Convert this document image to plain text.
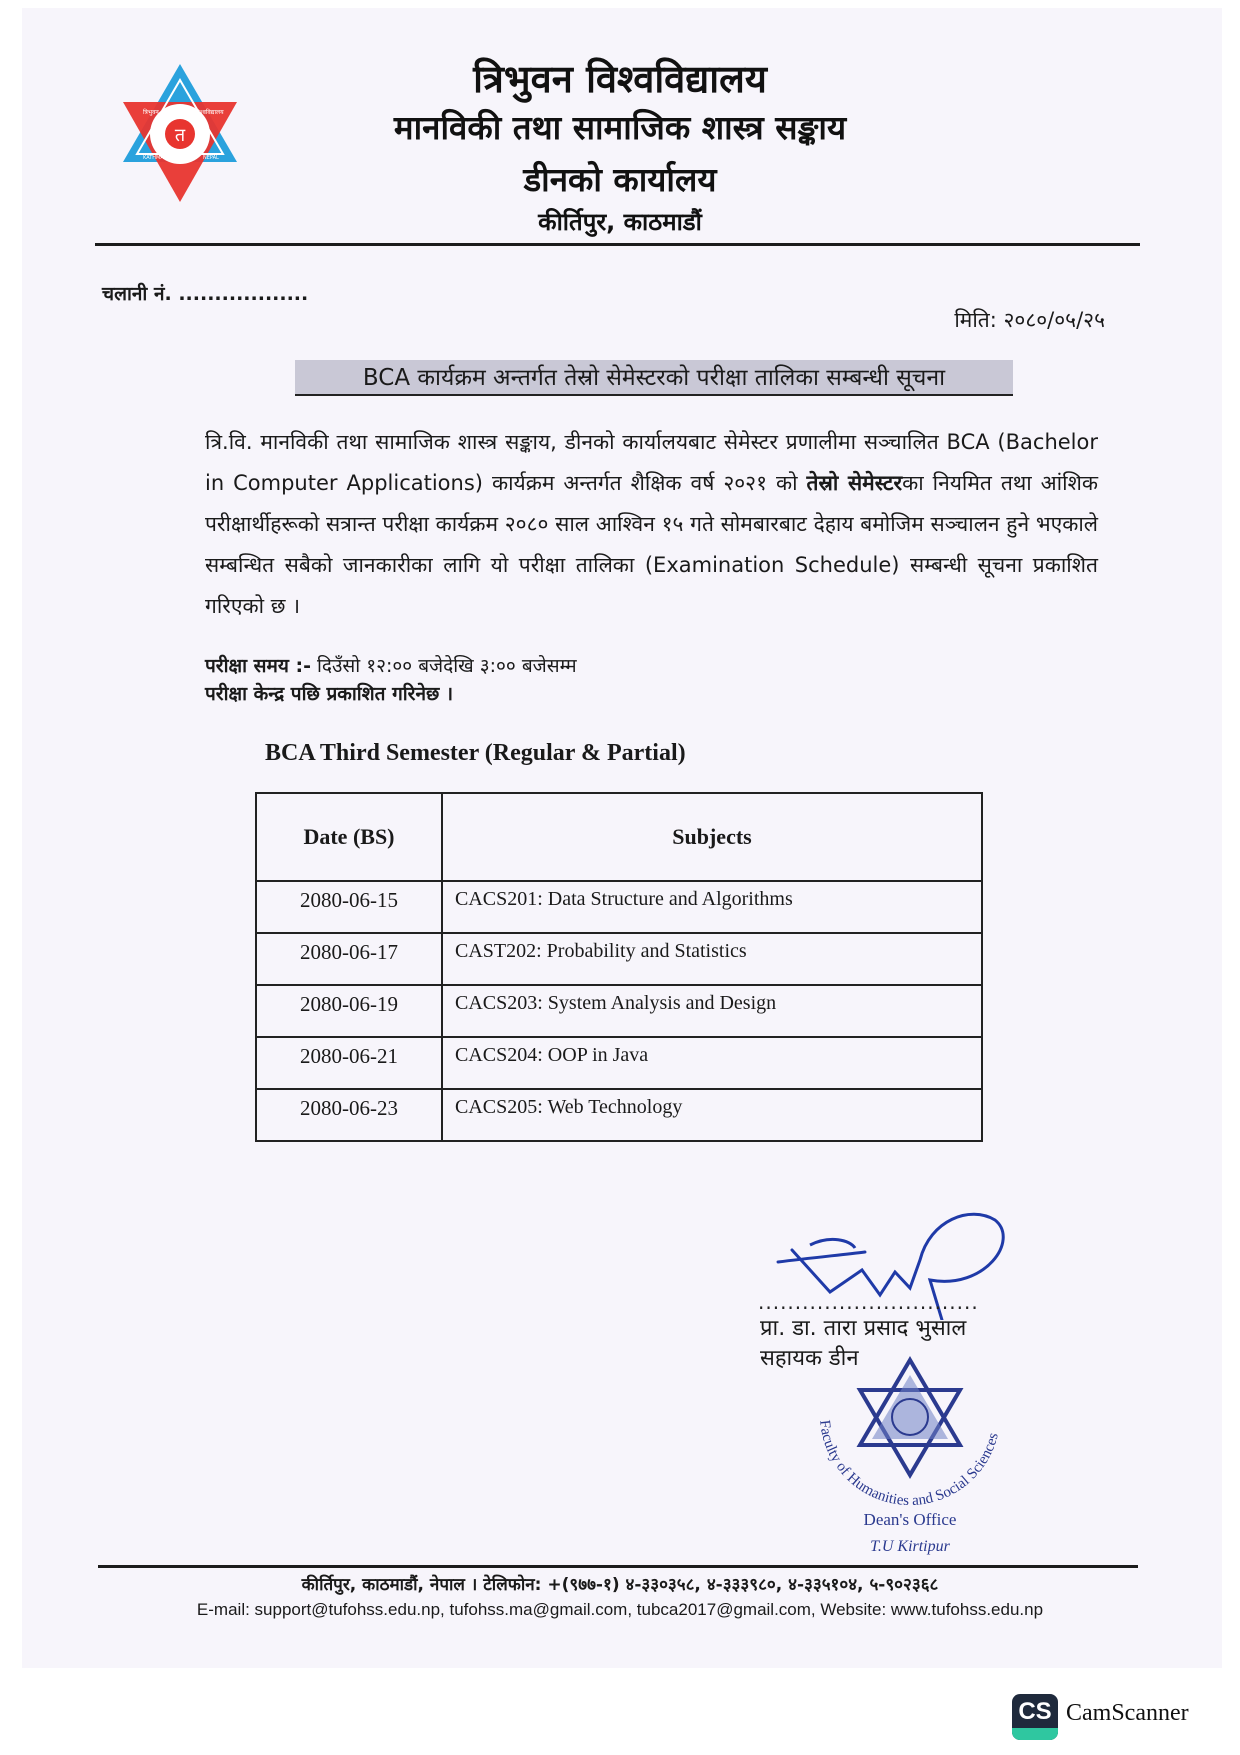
त
त्रिभुवन	विश्वविद्यालय
KATHMANDU	NEPAL
त्रिभुवन विश्वविद्यालय
मानविकी तथा सामाजिक शास्त्र सङ्काय
डीनको कार्यालय
कीर्तिपुर, काठमाडौं
चलानी नं. ..................
मिति: २०८०/०५/२५
BCA कार्यक्रम अन्तर्गत तेस्रो सेमेस्टरको परीक्षा तालिका सम्बन्धी सूचना
त्रि.वि. मानविकी तथा सामाजिक शास्त्र सङ्काय, डीनको कार्यालयबाट सेमेस्टर प्रणालीमा सञ्चालित BCA (Bachelor in Computer Applications) कार्यक्रम अन्तर्गत शैक्षिक वर्ष २०२१ को तेस्रो सेमेस्टरका नियमित तथा आंशिक परीक्षार्थीहरूको सत्रान्त परीक्षा कार्यक्रम २०८० साल आश्विन १५ गते सोमबारबाट देहाय बमोजिम सञ्चालन हुने भएकाले सम्बन्धित सबैको जानकारीका लागि यो परीक्षा तालिका (Examination Schedule) सम्बन्धी सूचना प्रकाशित गरिएको छ ।
परीक्षा समय :- दिउँसो १२:०० बजेदेखि ३:०० बजेसम्म
परीक्षा केन्द्र पछि प्रकाशित गरिनेछ ।
BCA Third Semester (Regular & Partial)
Date (BS)	Subjects
2080-06-15	CACS201: Data Structure and Algorithms
2080-06-17	CAST202: Probability and Statistics
2080-06-19	CACS203: System Analysis and Design
2080-06-21	CACS204: OOP in Java
2080-06-23	CACS205: Web Technology
..............................
प्रा. डा. तारा प्रसाद भुसाल
सहायक डीन
Faculty of Humanities and Social Sciences
Dean's Office
T.U Kirtipur
कीर्तिपुर, काठमाडौं, नेपाल । टेलिफोन: +(९७७-१) ४-३३०३५८, ४-३३३९८०, ४-३३५१०४, ५-९०२३६८
E-mail: support@tufohss.edu.np, tufohss.ma@gmail.com, tubca2017@gmail.com, Website: www.tufohss.edu.np
CS CamScanner
